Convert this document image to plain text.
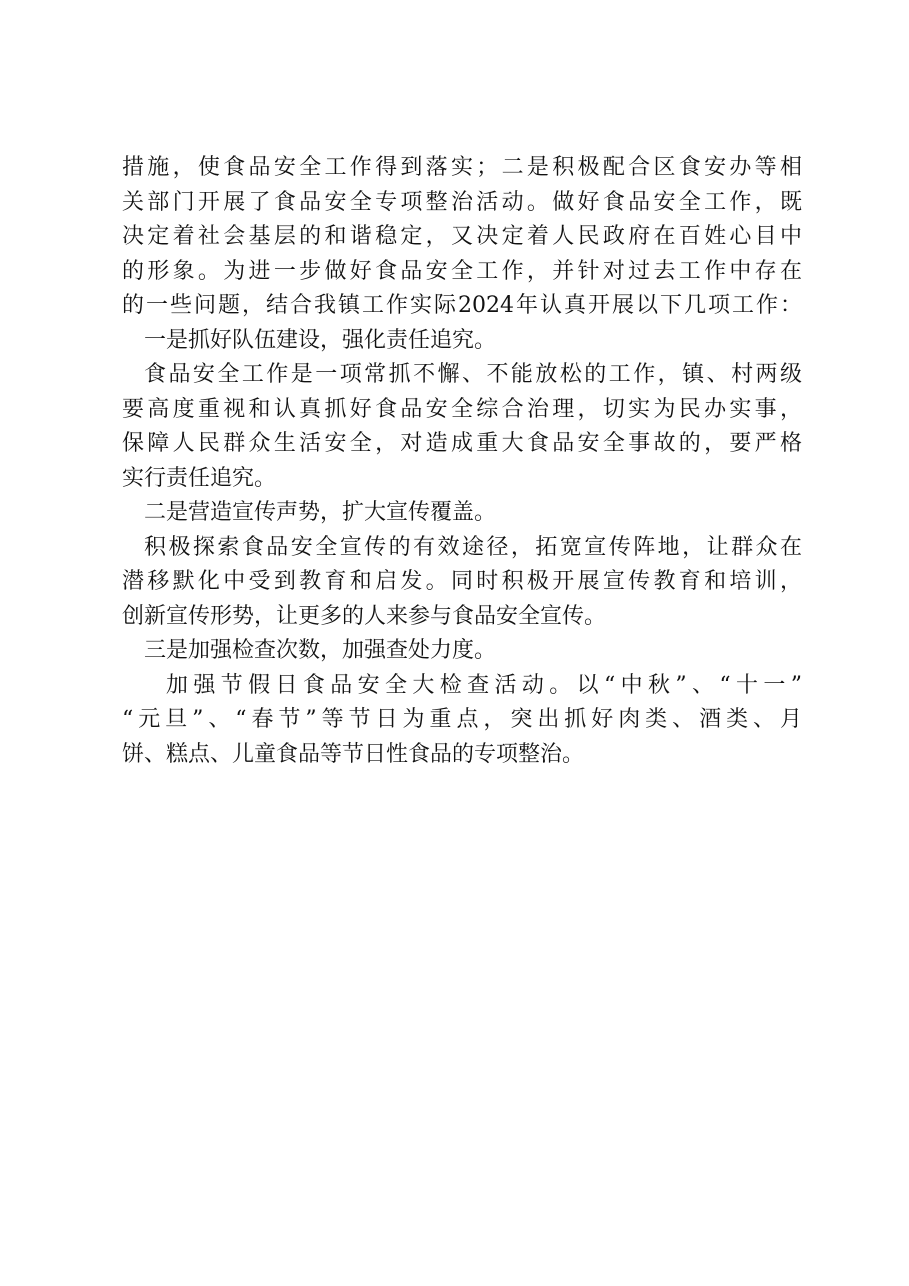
措施，使食品安全工作得到落实；二是积极配合区食安办等相
关部门开展了食品安全专项整治活动。做好食品安全工作，既
决定着社会基层的和谐稳定，又决定着人民政府在百姓心目中
的形象。为进一步做好食品安全工作，并针对过去工作中存在
的一些问题，结合我镇工作实际2024年认真开展以下几项工作：
一是抓好队伍建设，强化责任追究。
食品安全工作是一项常抓不懈、不能放松的工作，镇、村两级
要高度重视和认真抓好食品安全综合治理，切实为民办实事，
保障人民群众生活安全，对造成重大食品安全事故的，要严格
实行责任追究。
二是营造宣传声势，扩大宣传覆盖。
积极探索食品安全宣传的有效途径，拓宽宣传阵地，让群众在
潜移默化中受到教育和启发。同时积极开展宣传教育和培训，
创新宣传形势，让更多的人来参与食品安全宣传。
三是加强检查次数，加强查处力度。
加强节假日食品安全大检查活动。以“中秋”、“十一”
“元旦”、“春节”等节日为重点，突出抓好肉类、酒类、月
饼、糕点、儿童食品等节日性食品的专项整治。
